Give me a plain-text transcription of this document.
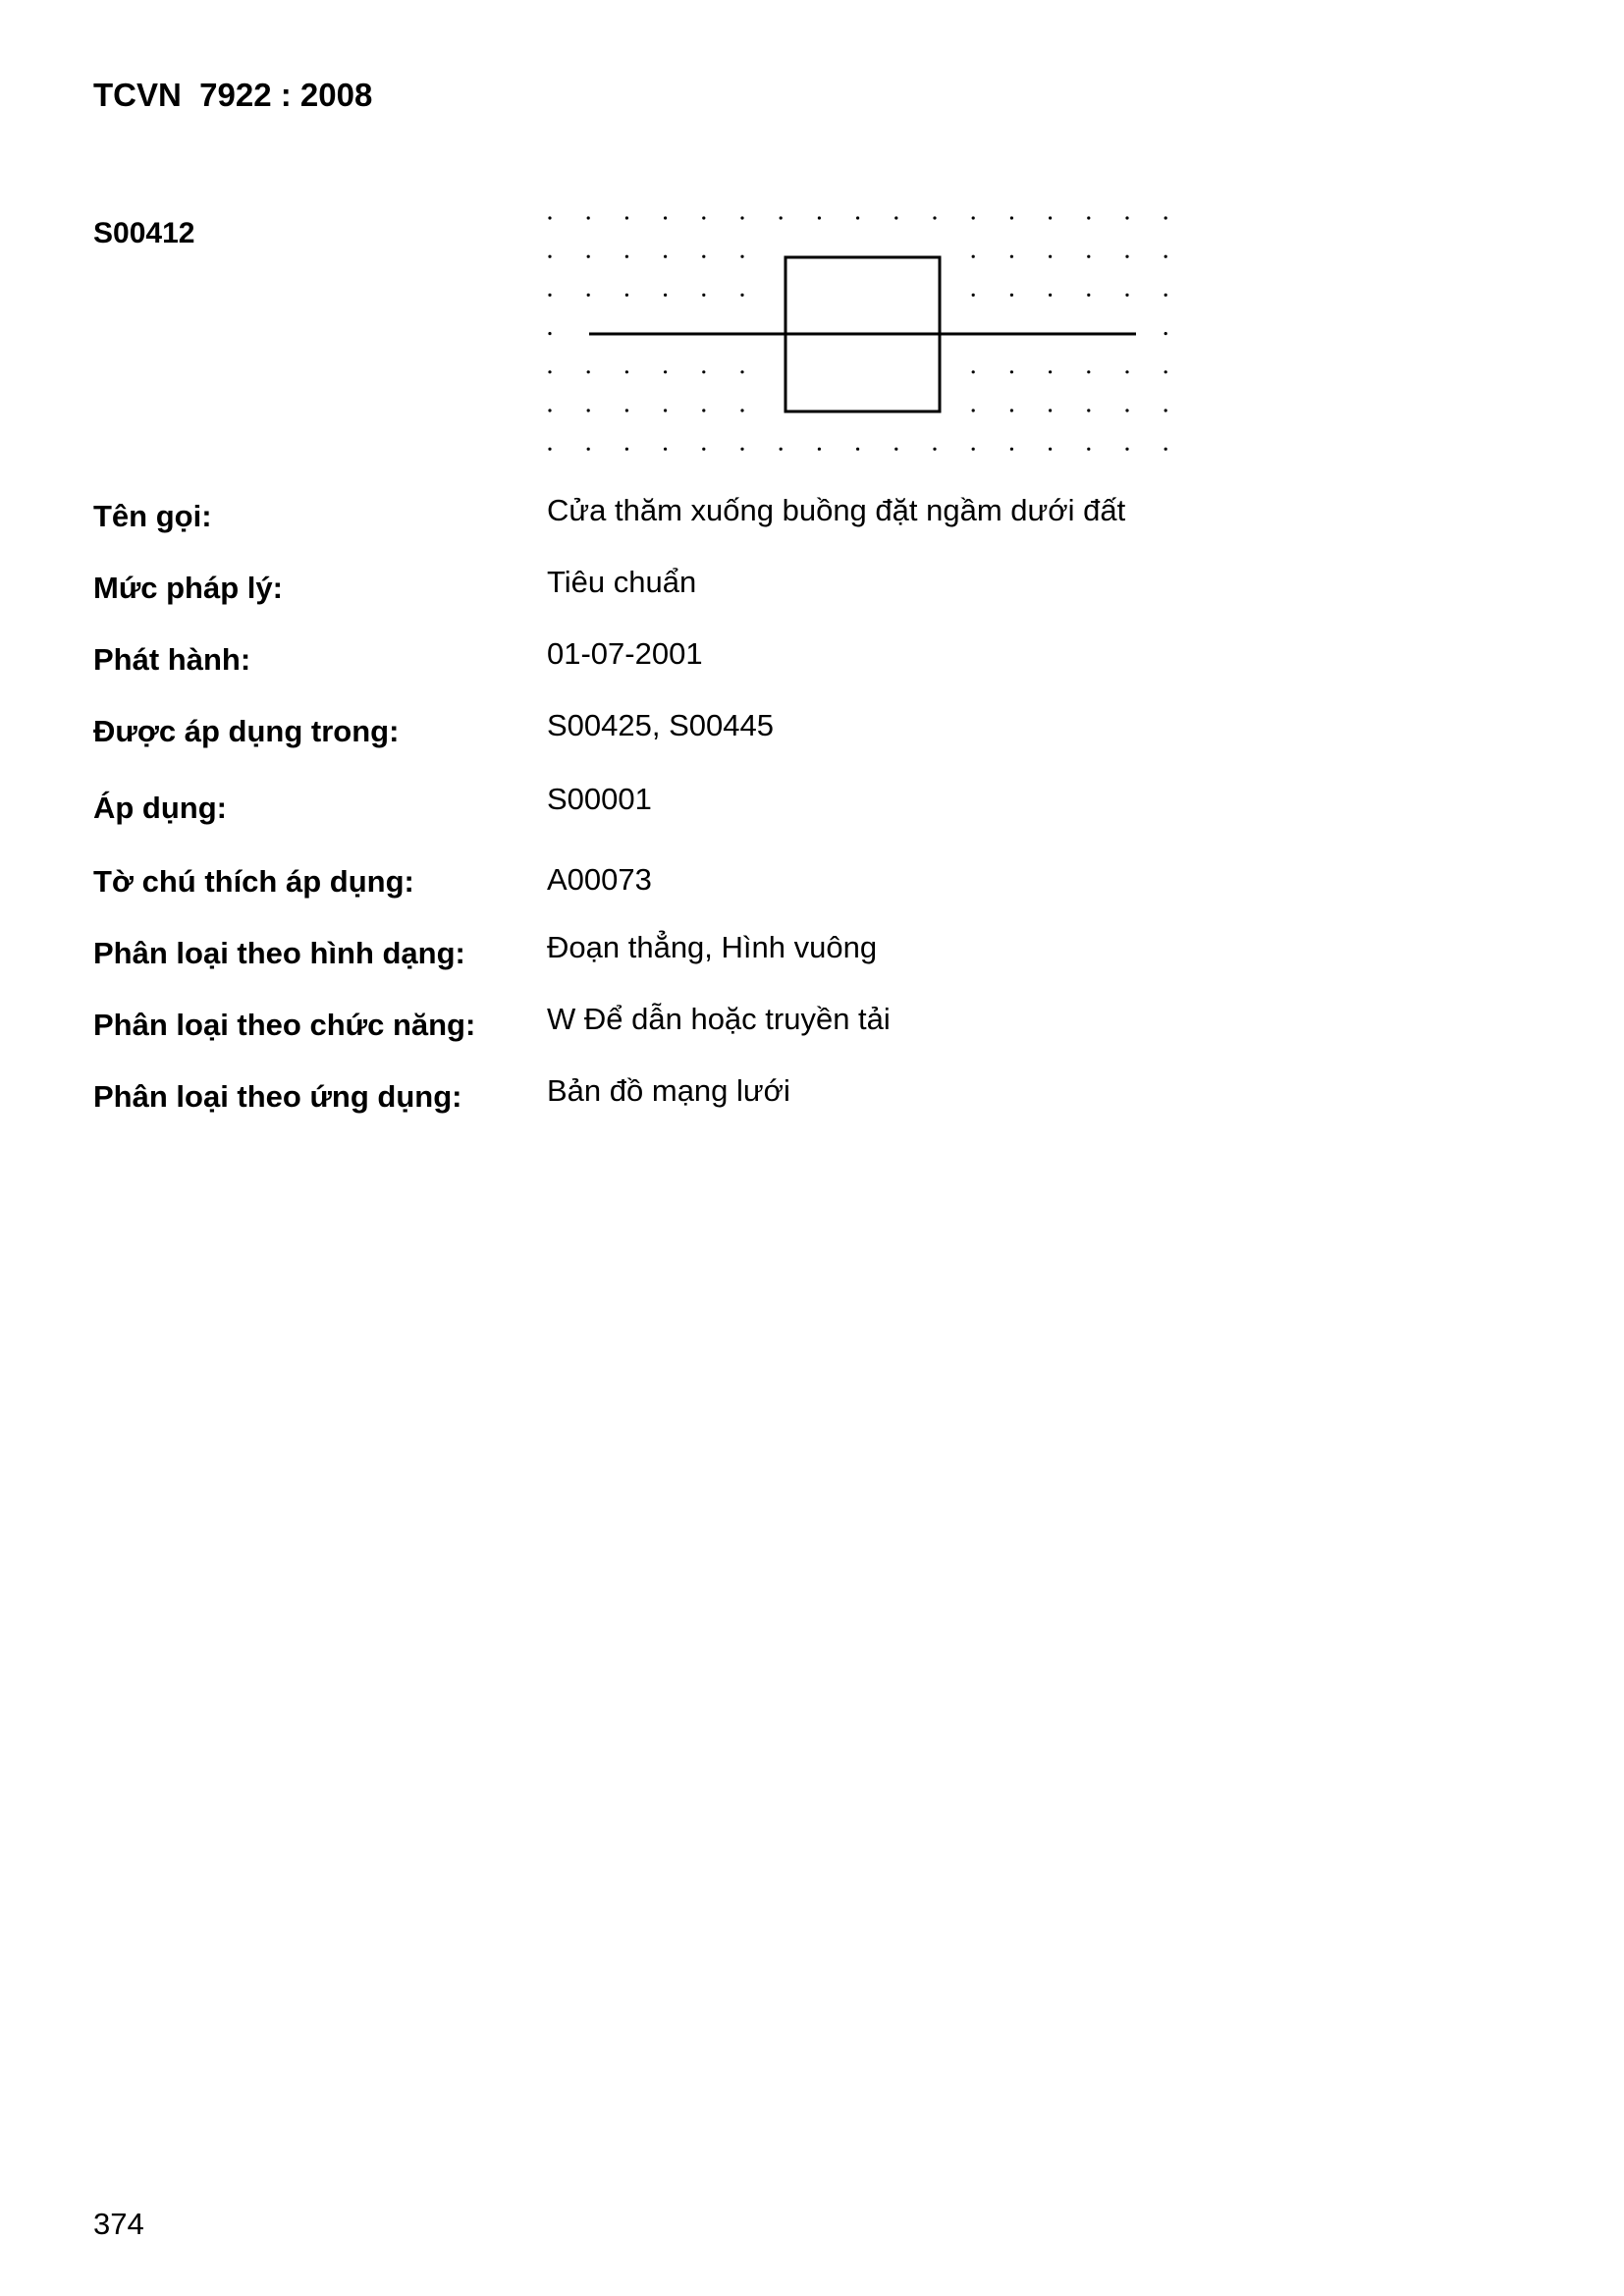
TCVN  7922 : 2008
S00412
Tên gọi:	Cửa thăm xuống buồng đặt ngầm dưới đất
Mức pháp lý:	Tiêu chuẩn
Phát hành:	01-07-2001
Được áp dụng trong:	S00425, S00445
Áp dụng:	S00001
Tờ chú thích áp dụng:	A00073
Phân loại theo hình dạng:	Đoạn thẳng, Hình vuông
Phân loại theo chức năng: W Để dẫn hoặc truyền tải
Phân loại theo ứng dụng:	Bản đồ mạng lưới
374
